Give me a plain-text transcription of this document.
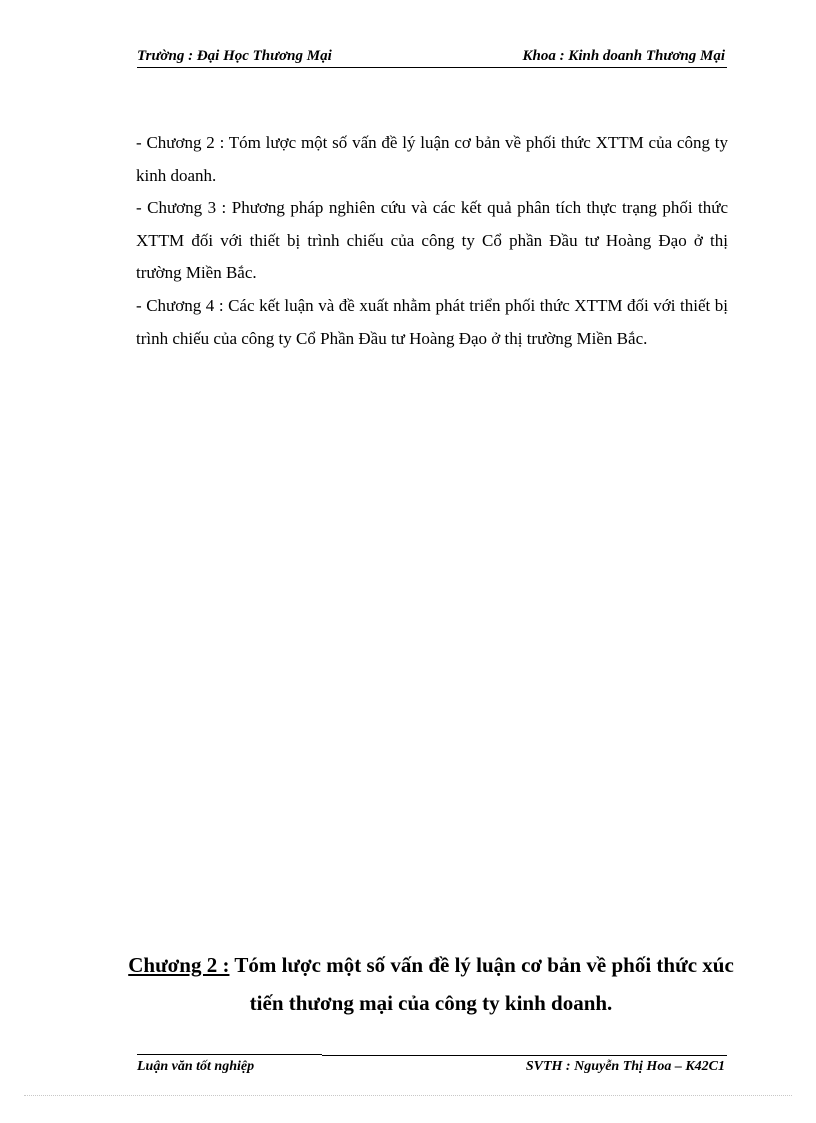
Trường : Đại Học Thương Mại	Khoa : Kinh doanh Thương Mại

- Chương 2 : Tóm lược một số vấn đề lý luận cơ bản về phối thức XTTM của công ty kinh doanh.

- Chương 3 : Phương pháp nghiên cứu và các kết quả phân tích thực trạng phối thức XTTM đối với thiết bị trình chiếu của công ty Cổ phần Đầu tư Hoàng Đạo ở thị trường Miền Bắc.

- Chương 4 : Các kết luận và đề xuất nhằm phát triển phối thức XTTM đối với thiết bị trình chiếu của công ty Cổ Phần Đầu tư Hoàng Đạo ở thị trường Miền Bắc.

Chương 2 : Tóm lược một số vấn đề lý luận cơ bản về phối thức xúc tiến thương mại của công ty kinh doanh.
Luận văn tốt nghiệp	SVTH : Nguyễn Thị Hoa – K42C1
